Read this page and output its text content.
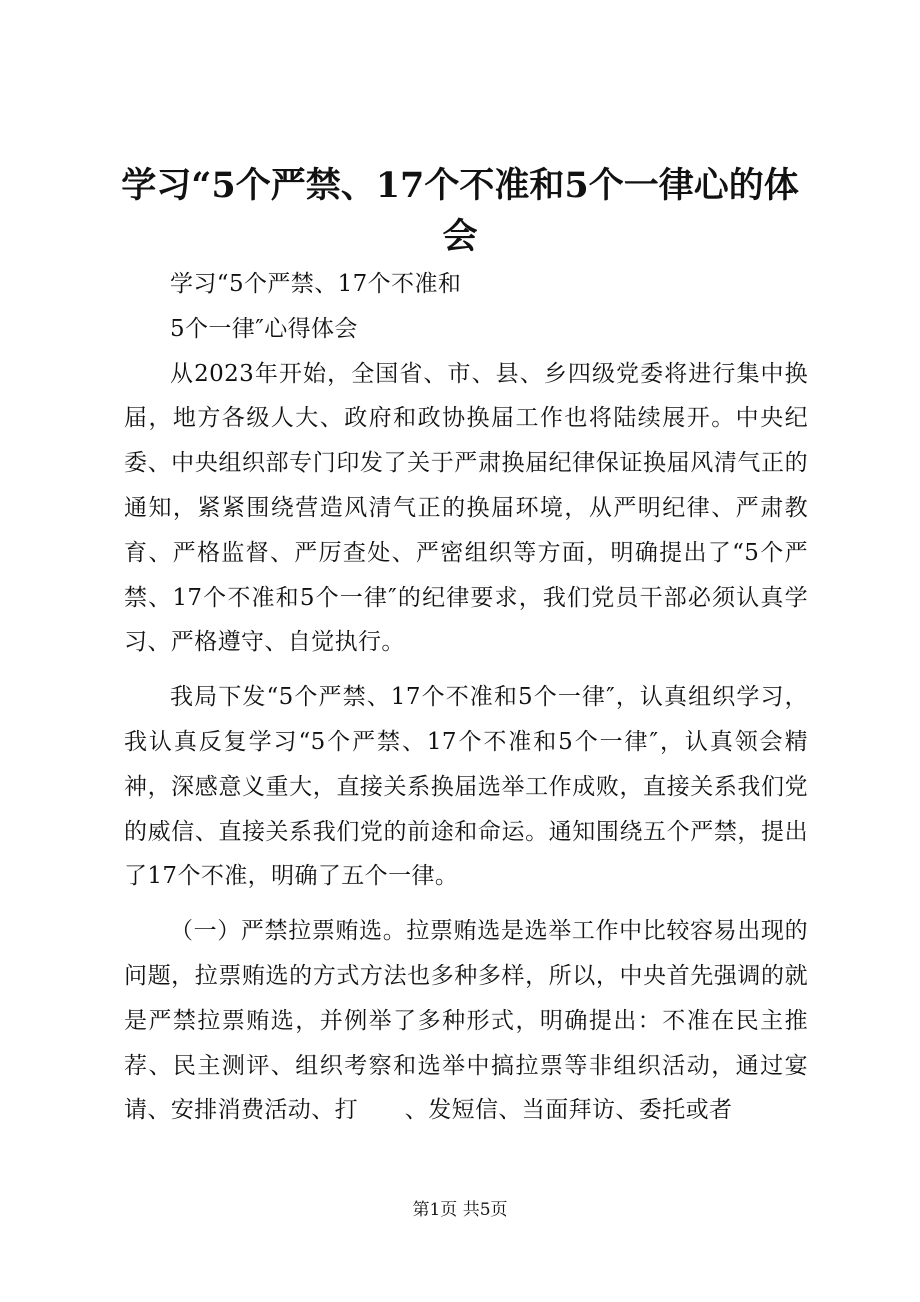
学习“5个严禁、17个不准和5个一律心的体会

学习“5个严禁、17个不准和

5个一律″心得体会

从2023年开始，全国省、市、县、乡四级党委将进行集中换届，地方各级人大、政府和政协换届工作也将陆续展开。中央纪委、中央组织部专门印发了关于严肃换届纪律保证换届风清气正的通知，紧紧围绕营造风清气正的换届环境，从严明纪律、严肃教育、严格监督、严厉查处、严密组织等方面，明确提出了“5个严禁、17个不准和5个一律″的纪律要求，我们党员干部必须认真学习、严格遵守、自觉执行。

我局下发“5个严禁、17个不准和5个一律″，认真组织学习，我认真反复学习“5个严禁、17个不准和5个一律″，认真领会精神，深感意义重大，直接关系换届选举工作成败，直接关系我们党的威信、直接关系我们党的前途和命运。通知围绕五个严禁，提出了17个不准，明确了五个一律。

（一）严禁拉票贿选。拉票贿选是选举工作中比较容易出现的问题，拉票贿选的方式方法也多种多样，所以，中央首先强调的就是严禁拉票贿选，并例举了多种形式，明确提出：不准在民主推荐、民主测评、组织考察和选举中搞拉票等非组织活动，通过宴请、安排消费活动、打　　、发短信、当面拜访、委托或者

第1页 共5页
